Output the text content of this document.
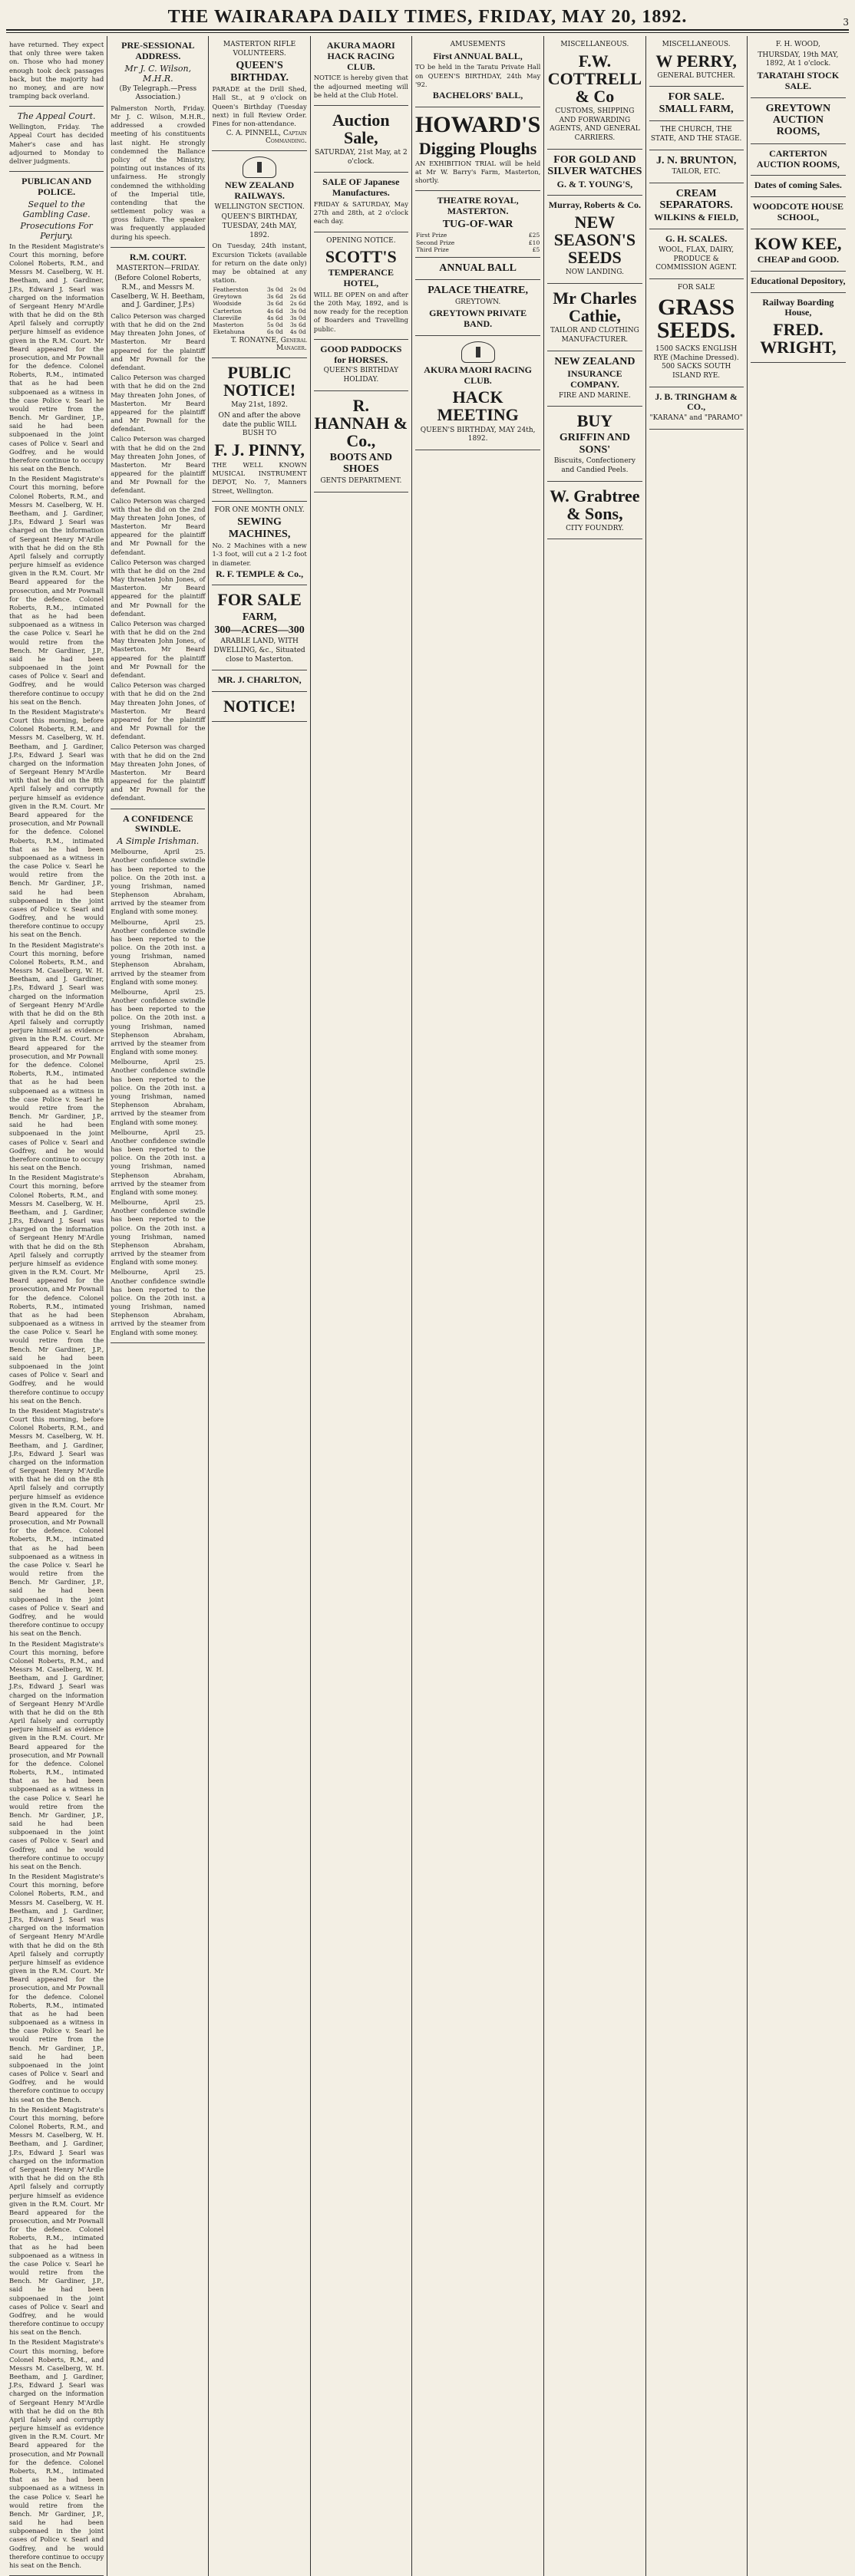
THE WAIRARAPA DAILY TIMES, FRIDAY, MAY 20, 1892.	3
have returned. They expect that only three were taken on. Those who had money enough took deck passages back, but the majority had no money, and are now tramping back overland.
The Appeal Court.
Wellington, Friday. The Appeal Court has decided Maher's case and has adjourned to Monday to deliver judgments.
PUBLICAN AND POLICE.
Sequel to the Gambling Case.
Prosecutions For Perjury.
In the Resident Magistrate's Court this morning, before Colonel Roberts, R.M., and Messrs M. Caselberg, W. H. Beetham, and J. Gardiner, J.P.s, Edward J. Searl was charged on the information of Sergeant Henry M'Ardle with that he did on the 8th April falsely and corruptly perjure himself as evidence given in the R.M. Court. Mr Beard appeared for the prosecution, and Mr Pownall for the defence. Colonel Roberts, R.M., intimated that as he had been subpoenaed as a witness in the case Police v. Searl he would retire from the Bench. Mr Gardiner, J.P., said he had been subpoenaed in the joint cases of Police v. Searl and Godfrey, and he would therefore continue to occupy his seat on the Bench.
In the Resident Magistrate's Court this morning, before Colonel Roberts, R.M., and Messrs M. Caselberg, W. H. Beetham, and J. Gardiner, J.P.s, Edward J. Searl was charged on the information of Sergeant Henry M'Ardle with that he did on the 8th April falsely and corruptly perjure himself as evidence given in the R.M. Court. Mr Beard appeared for the prosecution, and Mr Pownall for the defence. Colonel Roberts, R.M., intimated that as he had been subpoenaed as a witness in the case Police v. Searl he would retire from the Bench. Mr Gardiner, J.P., said he had been subpoenaed in the joint cases of Police v. Searl and Godfrey, and he would therefore continue to occupy his seat on the Bench.
In the Resident Magistrate's Court this morning, before Colonel Roberts, R.M., and Messrs M. Caselberg, W. H. Beetham, and J. Gardiner, J.P.s, Edward J. Searl was charged on the information of Sergeant Henry M'Ardle with that he did on the 8th April falsely and corruptly perjure himself as evidence given in the R.M. Court. Mr Beard appeared for the prosecution, and Mr Pownall for the defence. Colonel Roberts, R.M., intimated that as he had been subpoenaed as a witness in the case Police v. Searl he would retire from the Bench. Mr Gardiner, J.P., said he had been subpoenaed in the joint cases of Police v. Searl and Godfrey, and he would therefore continue to occupy his seat on the Bench.
In the Resident Magistrate's Court this morning, before Colonel Roberts, R.M., and Messrs M. Caselberg, W. H. Beetham, and J. Gardiner, J.P.s, Edward J. Searl was charged on the information of Sergeant Henry M'Ardle with that he did on the 8th April falsely and corruptly perjure himself as evidence given in the R.M. Court. Mr Beard appeared for the prosecution, and Mr Pownall for the defence. Colonel Roberts, R.M., intimated that as he had been subpoenaed as a witness in the case Police v. Searl he would retire from the Bench. Mr Gardiner, J.P., said he had been subpoenaed in the joint cases of Police v. Searl and Godfrey, and he would therefore continue to occupy his seat on the Bench.
In the Resident Magistrate's Court this morning, before Colonel Roberts, R.M., and Messrs M. Caselberg, W. H. Beetham, and J. Gardiner, J.P.s, Edward J. Searl was charged on the information of Sergeant Henry M'Ardle with that he did on the 8th April falsely and corruptly perjure himself as evidence given in the R.M. Court. Mr Beard appeared for the prosecution, and Mr Pownall for the defence. Colonel Roberts, R.M., intimated that as he had been subpoenaed as a witness in the case Police v. Searl he would retire from the Bench. Mr Gardiner, J.P., said he had been subpoenaed in the joint cases of Police v. Searl and Godfrey, and he would therefore continue to occupy his seat on the Bench.
In the Resident Magistrate's Court this morning, before Colonel Roberts, R.M., and Messrs M. Caselberg, W. H. Beetham, and J. Gardiner, J.P.s, Edward J. Searl was charged on the information of Sergeant Henry M'Ardle with that he did on the 8th April falsely and corruptly perjure himself as evidence given in the R.M. Court. Mr Beard appeared for the prosecution, and Mr Pownall for the defence. Colonel Roberts, R.M., intimated that as he had been subpoenaed as a witness in the case Police v. Searl he would retire from the Bench. Mr Gardiner, J.P., said he had been subpoenaed in the joint cases of Police v. Searl and Godfrey, and he would therefore continue to occupy his seat on the Bench.
In the Resident Magistrate's Court this morning, before Colonel Roberts, R.M., and Messrs M. Caselberg, W. H. Beetham, and J. Gardiner, J.P.s, Edward J. Searl was charged on the information of Sergeant Henry M'Ardle with that he did on the 8th April falsely and corruptly perjure himself as evidence given in the R.M. Court. Mr Beard appeared for the prosecution, and Mr Pownall for the defence. Colonel Roberts, R.M., intimated that as he had been subpoenaed as a witness in the case Police v. Searl he would retire from the Bench. Mr Gardiner, J.P., said he had been subpoenaed in the joint cases of Police v. Searl and Godfrey, and he would therefore continue to occupy his seat on the Bench.
In the Resident Magistrate's Court this morning, before Colonel Roberts, R.M., and Messrs M. Caselberg, W. H. Beetham, and J. Gardiner, J.P.s, Edward J. Searl was charged on the information of Sergeant Henry M'Ardle with that he did on the 8th April falsely and corruptly perjure himself as evidence given in the R.M. Court. Mr Beard appeared for the prosecution, and Mr Pownall for the defence. Colonel Roberts, R.M., intimated that as he had been subpoenaed as a witness in the case Police v. Searl he would retire from the Bench. Mr Gardiner, J.P., said he had been subpoenaed in the joint cases of Police v. Searl and Godfrey, and he would therefore continue to occupy his seat on the Bench.
In the Resident Magistrate's Court this morning, before Colonel Roberts, R.M., and Messrs M. Caselberg, W. H. Beetham, and J. Gardiner, J.P.s, Edward J. Searl was charged on the information of Sergeant Henry M'Ardle with that he did on the 8th April falsely and corruptly perjure himself as evidence given in the R.M. Court. Mr Beard appeared for the prosecution, and Mr Pownall for the defence. Colonel Roberts, R.M., intimated that as he had been subpoenaed as a witness in the case Police v. Searl he would retire from the Bench. Mr Gardiner, J.P., said he had been subpoenaed in the joint cases of Police v. Searl and Godfrey, and he would therefore continue to occupy his seat on the Bench.
In the Resident Magistrate's Court this morning, before Colonel Roberts, R.M., and Messrs M. Caselberg, W. H. Beetham, and J. Gardiner, J.P.s, Edward J. Searl was charged on the information of Sergeant Henry M'Ardle with that he did on the 8th April falsely and corruptly perjure himself as evidence given in the R.M. Court. Mr Beard appeared for the prosecution, and Mr Pownall for the defence. Colonel Roberts, R.M., intimated that as he had been subpoenaed as a witness in the case Police v. Searl he would retire from the Bench. Mr Gardiner, J.P., said he had been subpoenaed in the joint cases of Police v. Searl and Godfrey, and he would therefore continue to occupy his seat on the Bench.
PRE-SESSIONAL ADDRESS.
Mr J. C. Wilson, M.H.R.
(By Telegraph.—Press Association.)
Palmerston North, Friday. Mr J. C. Wilson, M.H.R., addressed a crowded meeting of his constituents last night. He strongly condemned the Ballance policy of the Ministry, pointing out instances of its unfairness. He strongly condemned the withholding of the Imperial title, contending that the settlement policy was a gross failure. The speaker was frequently applauded during his speech.
R.M. COURT.
MASTERTON—FRIDAY.
(Before Colonel Roberts, R.M., and Messrs M. Caselberg, W. H. Beetham, and J. Gardiner, J.P.s)
Calico Peterson was charged with that he did on the 2nd May threaten John Jones, of Masterton. Mr Beard appeared for the plaintiff and Mr Pownall for the defendant.
Calico Peterson was charged with that he did on the 2nd May threaten John Jones, of Masterton. Mr Beard appeared for the plaintiff and Mr Pownall for the defendant.
Calico Peterson was charged with that he did on the 2nd May threaten John Jones, of Masterton. Mr Beard appeared for the plaintiff and Mr Pownall for the defendant.
Calico Peterson was charged with that he did on the 2nd May threaten John Jones, of Masterton. Mr Beard appeared for the plaintiff and Mr Pownall for the defendant.
Calico Peterson was charged with that he did on the 2nd May threaten John Jones, of Masterton. Mr Beard appeared for the plaintiff and Mr Pownall for the defendant.
Calico Peterson was charged with that he did on the 2nd May threaten John Jones, of Masterton. Mr Beard appeared for the plaintiff and Mr Pownall for the defendant.
Calico Peterson was charged with that he did on the 2nd May threaten John Jones, of Masterton. Mr Beard appeared for the plaintiff and Mr Pownall for the defendant.
Calico Peterson was charged with that he did on the 2nd May threaten John Jones, of Masterton. Mr Beard appeared for the plaintiff and Mr Pownall for the defendant.
A CONFIDENCE SWINDLE.
A Simple Irishman.
Melbourne, April 25. Another confidence swindle has been reported to the police. On the 20th inst. a young Irishman, named Stephenson Abraham, arrived by the steamer from England with some money.
Melbourne, April 25. Another confidence swindle has been reported to the police. On the 20th inst. a young Irishman, named Stephenson Abraham, arrived by the steamer from England with some money.
Melbourne, April 25. Another confidence swindle has been reported to the police. On the 20th inst. a young Irishman, named Stephenson Abraham, arrived by the steamer from England with some money.
Melbourne, April 25. Another confidence swindle has been reported to the police. On the 20th inst. a young Irishman, named Stephenson Abraham, arrived by the steamer from England with some money.
Melbourne, April 25. Another confidence swindle has been reported to the police. On the 20th inst. a young Irishman, named Stephenson Abraham, arrived by the steamer from England with some money.
Melbourne, April 25. Another confidence swindle has been reported to the police. On the 20th inst. a young Irishman, named Stephenson Abraham, arrived by the steamer from England with some money.
Melbourne, April 25. Another confidence swindle has been reported to the police. On the 20th inst. a young Irishman, named Stephenson Abraham, arrived by the steamer from England with some money.
MASTERTON RIFLE VOLUNTEERS.
QUEEN'S BIRTHDAY.
PARADE at the Drill Shed, Hall St., at 9 o'clock on Queen's Birthday (Tuesday next) in full Review Order. Fines for non-attendance.
C. A. PINNELL, Captain Commanding.
NEW ZEALAND RAILWAYS.
WELLINGTON SECTION.
QUEEN'S BIRTHDAY, TUESDAY, 24th MAY, 1892.
On Tuesday, 24th instant, Excursion Tickets (available for return on the date only) may be obtained at any station.
Featherston	3s 0d	2s 0d
Greytown	3s 6d	2s 6d
Woodside	3s 6d	2s 6d
Carterton	4s 6d	3s 0d
Clareville	4s 6d	3s 0d
Masterton	5s 0d	3s 6d
Eketahuna	6s 0d	4s 0d
T. RONAYNE, General Manager.
PUBLIC NOTICE!
May 21st, 1892.
ON and after the above date the public WILL BUSH TO
F. J. PINNY,
THE WELL KNOWN MUSICAL INSTRUMENT DEPOT, No. 7, Manners Street, Wellington.
FOR ONE MONTH ONLY.
SEWING MACHINES,
No. 2 Machines with a new 1-3 foot, will cut a 2 1-2 foot in diameter.
R. F. TEMPLE & Co.,
FOR SALE
FARM,
300—ACRES—300
ARABLE LAND, WITH DWELLING, &c., Situated close to Masterton.
MR. J. CHARLTON,
NOTICE!
AKURA MAORI HACK RACING CLUB.
NOTICE is hereby given that the adjourned meeting will be held at the Club Hotel.
Auction Sale,
SATURDAY, 21st May, at 2 o'clock.
SALE OF Japanese Manufactures.
FRIDAY & SATURDAY, May 27th and 28th, at 2 o'clock each day.
OPENING NOTICE.
SCOTT'S
TEMPERANCE HOTEL,
WILL BE OPEN on and after the 20th May, 1892, and is now ready for the reception of Boarders and Travelling public.
GOOD PADDOCKS for HORSES.
QUEEN'S BIRTHDAY HOLIDAY.
R. HANNAH & Co.,
BOOTS AND SHOES
GENTS DEPARTMENT.
AMUSEMENTS
First ANNUAL BALL,
TO be held in the Taratu Private Hall on QUEEN'S BIRTHDAY, 24th May '92.
BACHELORS' BALL,
HOWARD'S
Digging Ploughs
AN EXHIBITION TRIAL will be held at Mr W. Barry's Farm, Masterton, shortly.
THEATRE ROYAL, MASTERTON.
TUG-OF-WAR
First Prize	£25
Second Prize	£10
Third Prize	£5
ANNUAL BALL
PALACE THEATRE,
GREYTOWN.
GREYTOWN PRIVATE BAND.
AKURA MAORI RACING CLUB.
HACK MEETING
QUEEN'S BIRTHDAY, MAY 24th, 1892.
MISCELLANEOUS.
F.W. COTTRELL & Co
CUSTOMS, SHIPPING AND FORWARDING AGENTS, AND GENERAL CARRIERS.
FOR GOLD AND SILVER WATCHES
G. & T. YOUNG'S,
Murray, Roberts & Co.
NEW SEASON'S SEEDS
NOW LANDING.
Mr Charles Cathie,
TAILOR AND CLOTHING MANUFACTURER.
NEW ZEALAND
INSURANCE COMPANY.
FIRE AND MARINE.
BUY
GRIFFIN AND SONS'
Biscuits, Confectionery and Candied Peels.
W. Grabtree & Sons,
CITY FOUNDRY.
MISCELLANEOUS.
W PERRY,
GENERAL BUTCHER.
FOR SALE. SMALL FARM,
THE CHURCH, THE STATE, AND THE STAGE.
J. N. BRUNTON,
TAILOR, ETC.
CREAM SEPARATORS.
WILKINS & FIELD,
G. H. SCALES.
WOOL, FLAX, DAIRY, PRODUCE & COMMISSION AGENT.
FOR SALE
GRASS SEEDS.
1500 SACKS ENGLISH RYE (Machine Dressed). 500 SACKS SOUTH ISLAND RYE.
J. B. TRINGHAM & CO.,
"KARANA" and "PARAMO"
F. H. WOOD,
THURSDAY, 19th MAY, 1892, At 1 o'clock.
TARATAHI STOCK SALE.
GREYTOWN AUCTION ROOMS,
CARTERTON AUCTION ROOMS,
Dates of coming Sales.
WOODCOTE HOUSE SCHOOL,
KOW KEE,
CHEAP and GOOD.
Educational Depository,
Railway Boarding House,
FRED. WRIGHT,
